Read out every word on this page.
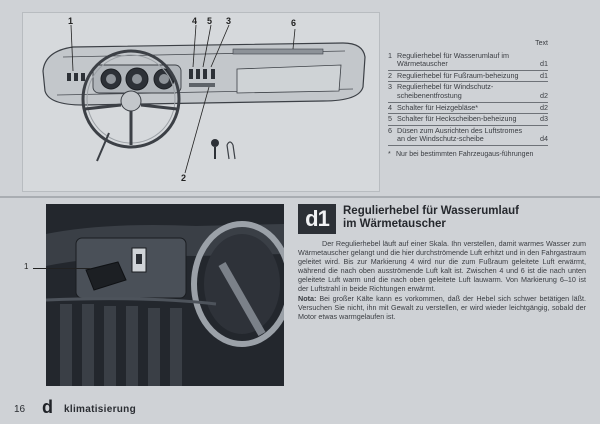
1	4 5 3	6
2
Text
1 Regulierhebel für Wasserumlauf im Wärmetauscher	d1
2 Regulierhebel für Fußraum-beheizung	d1
3 Regulierhebel für Windschutz-scheibenentfrostung	d2
4 Schalter für Heizgebläse*	d2
5 Schalter für Heckscheiben-beheizung	d3
6 Düsen zum Ausrichten des Luftstromes an der Windschutz-scheibe	d4
* Nur bei bestimmten Fahrzeugaus-führungen
1
d1	Regulierhebel für Wasserumlauf
im Wärmetauscher

Der Regulierhebel läuft auf einer Skala. Ihn verstellen, damit warmes Wasser zum Wärmetauscher gelangt und die hier durchströmende Luft erhitzt und in den Fahrgastraum geleitet wird. Bis zur Markierung 4 wird nur die zum Fußraum geleitete Luft erwärmt, während die nach oben ausströmende Luft kalt ist. Zwischen 4 und 6 ist die nach unten geleitete Luft warm und die nach oben geleitete Luft lauwarm. Von Markierung 6–10 ist der Luftstrahl in beide Richtungen erwärmt.

Nota: Bei großer Kälte kann es vorkommen, daß der Hebel sich schwer betätigen läßt. Versuchen Sie nicht, ihn mit Gewalt zu verstellen, er wird wieder leichtgängig, sobald der Motor etwas warmgelaufen ist.

16 d klimatisierung
